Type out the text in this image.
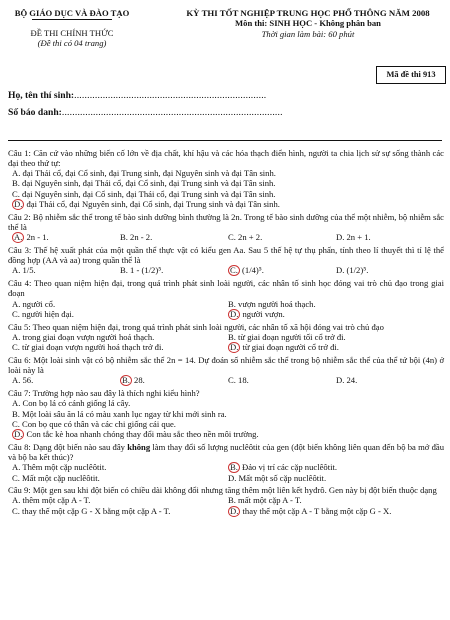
BỘ GIÁO DỤC VÀ ĐÀO TẠO
ĐỀ THI CHÍNH THỨC
(Đề thi có 04 trang)
KỲ THI TỐT NGHIỆP TRUNG HỌC PHỔ THÔNG NĂM 2008
Môn thi: SINH HỌC - Không phân ban
Thời gian làm bài: 60 phút
Mã đề thi 913
Họ, tên thí sinh:..........................................................................
Số báo danh:.....................................................................................
Câu 1: Căn cứ vào những biến cố lớn về địa chất, khí hậu và các hóa thạch điển hình, người ta chia lịch sử sự sống thành các đại theo thứ tự:
A. đại Thái cổ, đại Cổ sinh, đại Trung sinh, đại Nguyên sinh và đại Tân sinh.
B. đại Nguyên sinh, đại Thái cổ, đại Cổ sinh, đại Trung sinh và đại Tân sinh.
C. đại Nguyên sinh, đại Cổ sinh, đại Thái cổ, đại Trung sinh và đại Tân sinh.
D. đại Thái cổ, đại Nguyên sinh, đại Cổ sinh, đại Trung sinh và đại Tân sinh.
Câu 2: Bộ nhiễm sắc thể trong tế bào sinh dưỡng bình thường là 2n. Trong tế bào sinh dưỡng của thể một nhiễm, bộ nhiễm sắc thể là
A. 2n - 1.	B. 2n - 2.	C. 2n + 2.	D. 2n + 1.
Câu 3: Thế hệ xuất phát của một quần thể thực vật có kiểu gen Aa. Sau 5 thế hệ tự thụ phấn, tính theo lí thuyết thì tỉ lệ thể đồng hợp (AA và aa) trong quần thể là
A. 1/5.	B. 1 - (1/2)⁵.	C. (1/4)⁵.	D. (1/2)⁵.
Câu 4: Theo quan niệm hiện đại, trong quá trình phát sinh loài người, các nhân tố sinh học đóng vai trò chủ đạo trong giai đoạn
A. người cổ.	B. vượn người hoá thạch.
C. người hiện đại.	D. người vượn.
Câu 5: Theo quan niệm hiện đại, trong quá trình phát sinh loài người, các nhân tố xã hội đóng vai trò chủ đạo
A. trong giai đoạn vượn người hoá thạch.	B. từ giai đoạn người tối cổ trở đi.
C. từ giai đoạn vượn người hoá thạch trở đi.	D. từ giai đoạn người cổ trở đi.
Câu 6: Một loài sinh vật có bộ nhiễm sắc thể 2n = 14. Dự đoán số nhiễm sắc thể trong bộ nhiễm sắc thể của thể tứ bội (4n) ở loài này là
A. 56.	B. 28.	C. 18.	D. 24.
Câu 7: Trường hợp nào sau đây là thích nghi kiểu hình?
A. Con bọ lá có cánh giống lá cây.
B. Một loài sâu ăn lá có màu xanh lục ngay từ khi mới sinh ra.
C. Con bọ que có thân và các chi giống cái que.
D. Con tắc kè hoa nhanh chóng thay đổi màu sắc theo nền môi trường.
Câu 8: Dạng đột biến nào sau đây không làm thay đổi số lượng nuclêôtit của gen (đột biến không liên quan đến bộ ba mở đầu và bộ ba kết thúc)?
A. Thêm một cặp nuclêôtit.	B. Đảo vị trí các cặp nuclêôtit.
C. Mất một cặp nuclêôtit.	D. Mất một số cặp nuclêôtit.
Câu 9: Một gen sau khi đột biến có chiều dài không đổi nhưng tăng thêm một liên kết hyđrô. Gen này bị đột biến thuộc dạng
A. thêm một cặp A - T.	B. mất một cặp A - T.
C. thay thế một cặp G - X bằng một cặp A - T.	D. thay thế một cặp A - T bằng một cặp G - X.
